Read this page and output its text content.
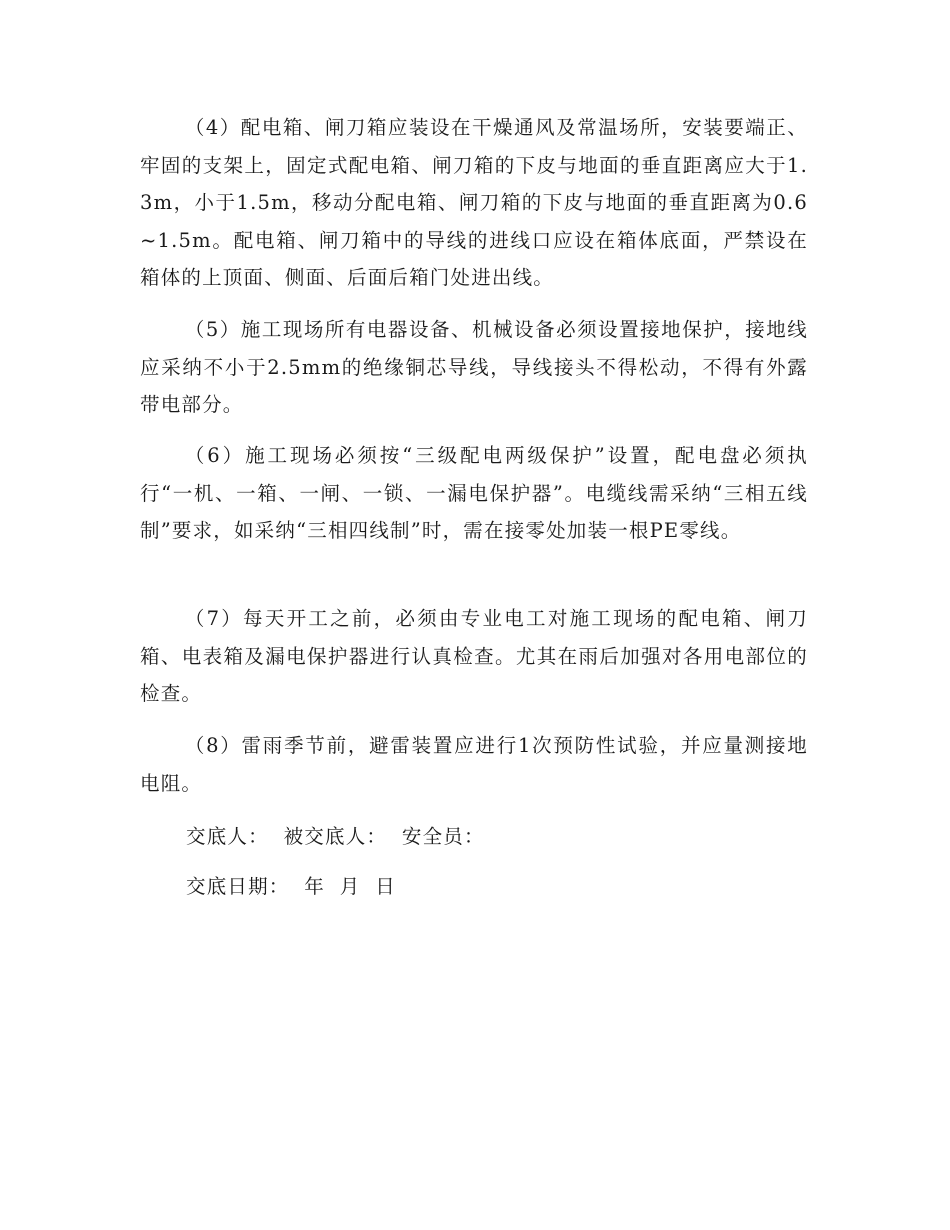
（4）配电箱、闸刀箱应装设在干燥通风及常温场所，安装要端正、牢固的支架上，固定式配电箱、闸刀箱的下皮与地面的垂直距离应大于1.3m，小于1.5m，移动分配电箱、闸刀箱的下皮与地面的垂直距离为0.6~1.5m。配电箱、闸刀箱中的导线的进线口应设在箱体底面，严禁设在箱体的上顶面、侧面、后面后箱门处进出线。

（5）施工现场所有电器设备、机械设备必须设置接地保护，接地线应采纳不小于2.5mm的绝缘铜芯导线，导线接头不得松动，不得有外露带电部分。

（6）施工现场必须按“三级配电两级保护”设置，配电盘必须执行“一机、一箱、一闸、一锁、一漏电保护器”。电缆线需采纳“三相五线制”要求，如采纳“三相四线制”时，需在接零处加装一根PE零线。

（7）每天开工之前，必须由专业电工对施工现场的配电箱、闸刀箱、电表箱及漏电保护器进行认真检查。尤其在雨后加强对各用电部位的检查。

（8）雷雨季节前，避雷装置应进行1次预防性试验，并应量测接地电阻。

交底人：  被交底人：  安全员：

交底日期：  年  月  日
